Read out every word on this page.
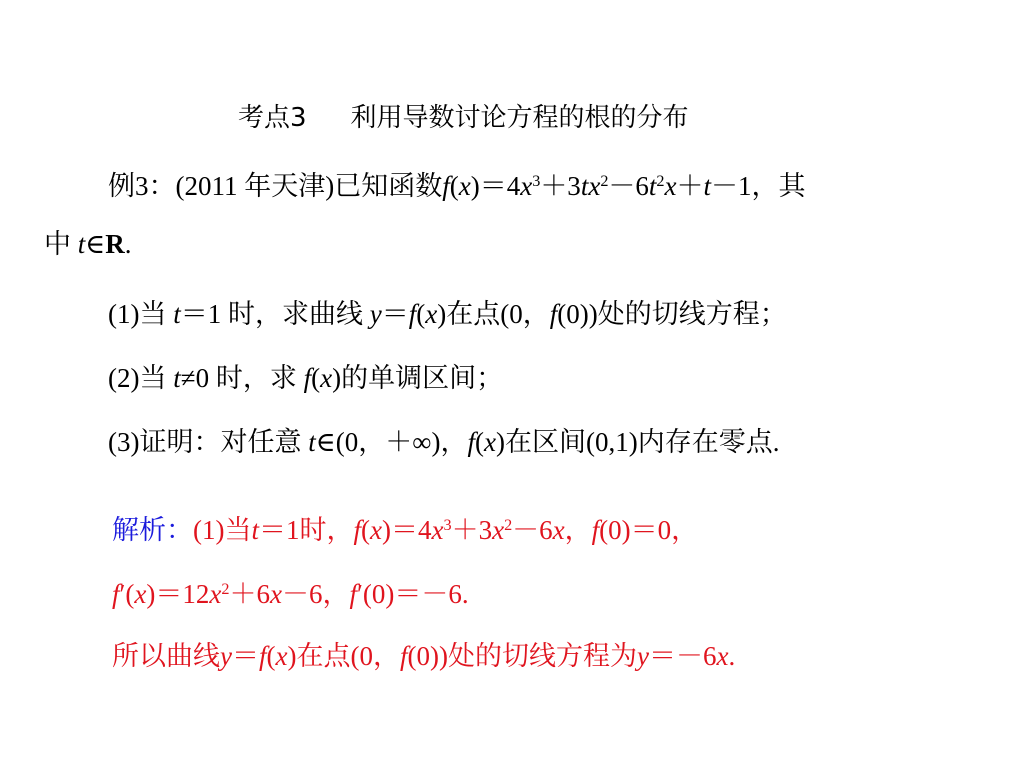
考点3 利用导数讨论方程的根的分布
例3：(2011 年天津)已知函数$f(x)=4x^3+3tx^2-6t^2x+t-1$，其
中 t∈R.
(1)当 t＝1 时，求曲线 y＝f(x)在点(0，f(0))处的切线方程；
(2)当 t≠0 时，求 f(x)的单调区间；
(3)证明：对任意 t∈(0，＋∞)，f(x)在区间(0,1)内存在零点.
解析：(1)当t＝1时，$f(x)=4x^3+3x^2-6x$，f(0)＝0，
$f'(x)=12x^2+6x-6$，f′(0)＝－6.
所以曲线y＝f(x)在点(0，f(0))处的切线方程为y＝－6x.
